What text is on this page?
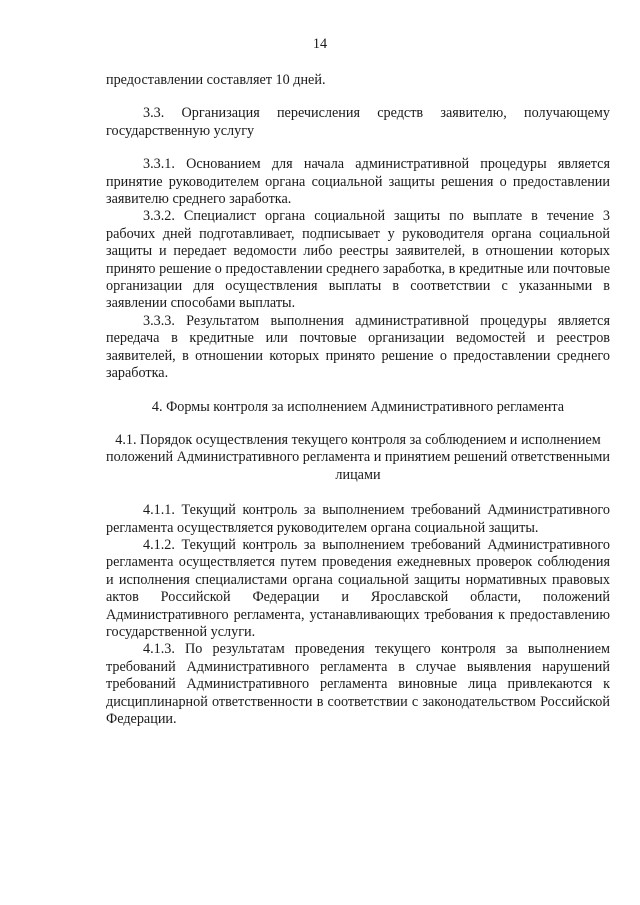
14

предоставлении составляет 10 дней.

3.3. Организация перечисления средств заявителю, получающему государственную услугу

3.3.1. Основанием для начала административной процедуры является принятие руководителем органа социальной защиты решения о предоставлении заявителю среднего заработка.

3.3.2. Специалист органа социальной защиты по выплате в течение 3 рабочих дней подготавливает, подписывает у руководителя органа социальной защиты и передает ведомости либо реестры заявителей, в отношении которых принято решение о предоставлении среднего заработка, в кредитные или почтовые организации для осуществления выплаты в соответствии с указанными в заявлении способами выплаты.

3.3.3. Результатом выполнения административной процедуры является передача в кредитные или почтовые организации ведомостей и реестров заявителей, в отношении которых принято решение о предоставлении среднего заработка.

4. Формы контроля за исполнением Административного регламента

4.1. Порядок осуществления текущего контроля за соблюдением и исполнением положений Административного регламента и принятием решений ответственными лицами

4.1.1. Текущий контроль за выполнением требований Административного регламента осуществляется руководителем органа социальной защиты.

4.1.2. Текущий контроль за выполнением требований Административного регламента осуществляется путем проведения ежедневных проверок соблюдения и исполнения специалистами органа социальной защиты нормативных правовых актов Российской Федерации и Ярославской области, положений Административного регламента, устанавливающих требования к предоставлению государственной услуги.

4.1.3. По результатам проведения текущего контроля за выполнением требований Административного регламента в случае выявления нарушений требований Административного регламента виновные лица привлекаются к дисциплинарной ответственности в соответствии с законодательством Российской Федерации.
